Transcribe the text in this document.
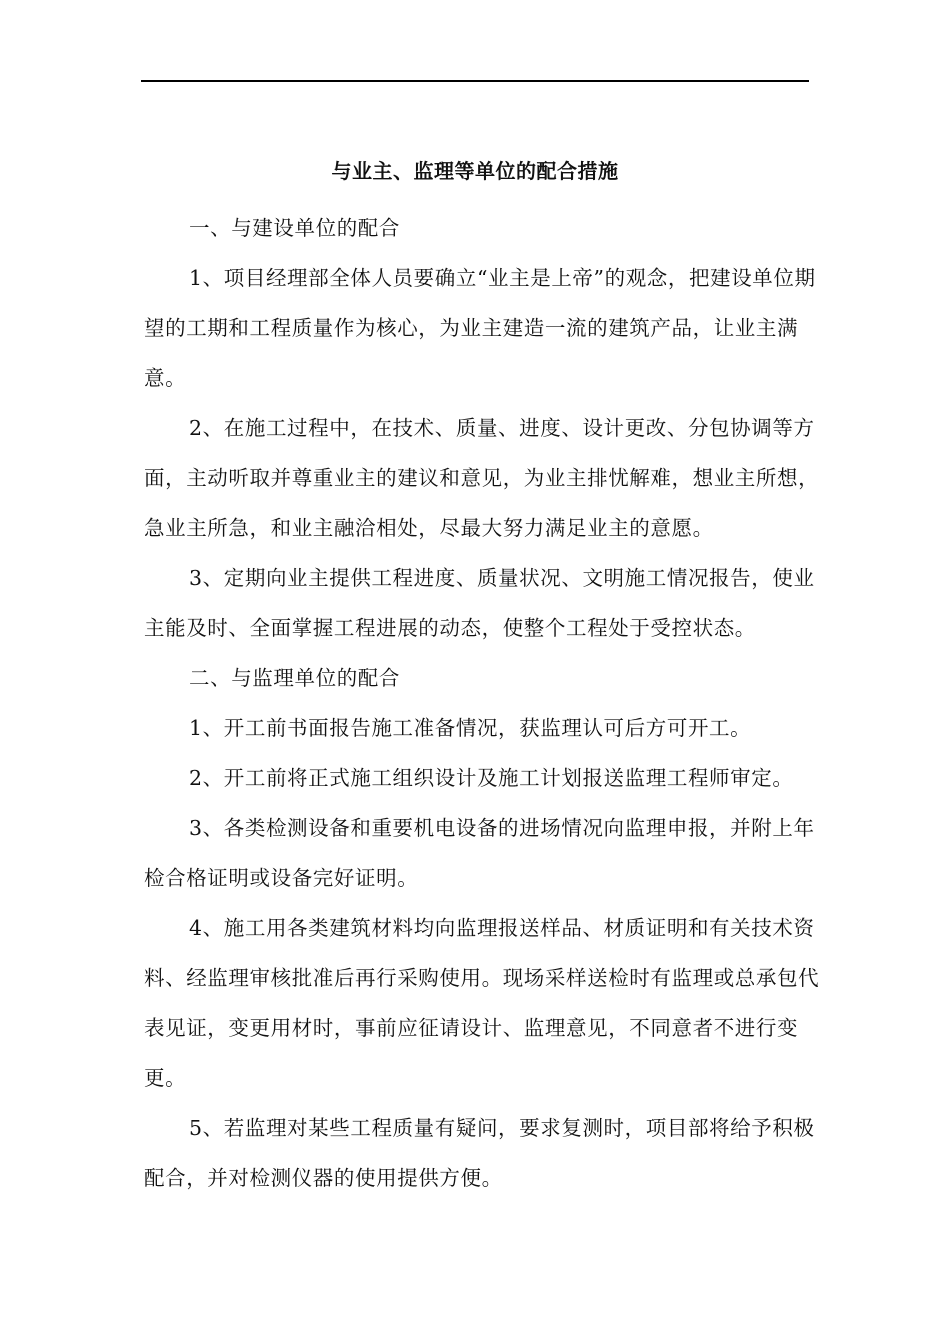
与业主、监理等单位的配合措施

一、与建设单位的配合

1、项目经理部全体人员要确立“业主是上帝”的观念，把建设单位期望的工期和工程质量作为核心，为业主建造一流的建筑产品，让业主满意。

2、在施工过程中，在技术、质量、进度、设计更改、分包协调等方面，主动听取并尊重业主的建议和意见，为业主排忧解难，想业主所想，急业主所急，和业主融洽相处，尽最大努力满足业主的意愿。

3、定期向业主提供工程进度、质量状况、文明施工情况报告，使业主能及时、全面掌握工程进展的动态，使整个工程处于受控状态。

二、与监理单位的配合

1、开工前书面报告施工准备情况，获监理认可后方可开工。

2、开工前将正式施工组织设计及施工计划报送监理工程师审定。

3、各类检测设备和重要机电设备的进场情况向监理申报，并附上年检合格证明或设备完好证明。

4、施工用各类建筑材料均向监理报送样品、材质证明和有关技术资料、经监理审核批准后再行采购使用。现场采样送检时有监理或总承包代表见证，变更用材时，事前应征请设计、监理意见，不同意者不进行变更。

5、若监理对某些工程质量有疑问，要求复测时，项目部将给予积极配合，并对检测仪器的使用提供方便。
